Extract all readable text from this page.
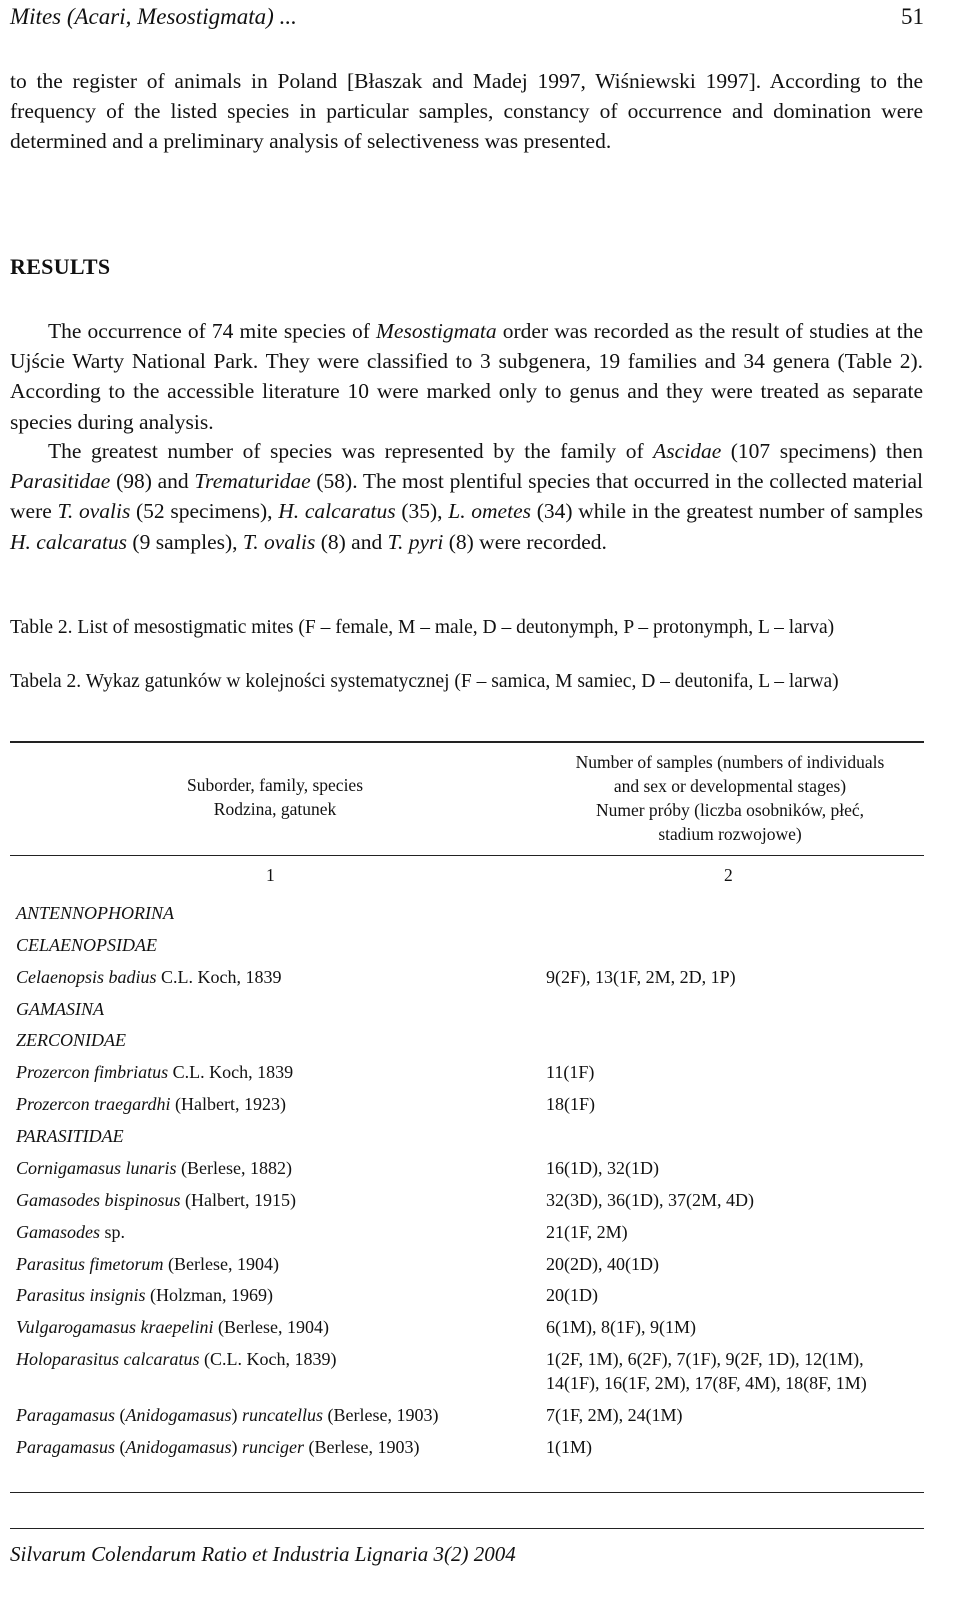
Mites (Acari, Mesostigmata) ...	51

to the register of animals in Poland [Błaszak and Madej 1997, Wiśniewski 1997]. According to the frequency of the listed species in particular samples, constancy of occurrence and domination were determined and a preliminary analysis of selectiveness was presented.

RESULTS

The occurrence of 74 mite species of Mesostigmata order was recorded as the result of studies at the Ujście Warty National Park. They were classified to 3 subgenera, 19 families and 34 genera (Table 2). According to the accessible literature 10 were marked only to genus and they were treated as separate species during analysis.

The greatest number of species was represented by the family of Ascidae (107 specimens) then Parasitidae (98) and Trematuridae (58). The most plentiful species that occurred in the collected material were T. ovalis (52 specimens), H. calcaratus (35), L. ometes (34) while in the greatest number of samples H. calcaratus (9 samples), T. ovalis (8) and T. pyri (8) were recorded.

Table 2. List of mesostigmatic mites (F – female, M – male, D – deutonymph, P – protonymph, L – larva)

Tabela 2. Wykaz gatunków w kolejności systematycznej (F – samica, M samiec, D – deutonifa, L – larwa)

Suborder, family, species
Rodzina, gatunek
Number of samples (numbers of individuals
and sex or developmental stages)
Numer próby (liczba osobników, płeć,
stadium rozwojowe)
1	2
ANTENNOPHORINA
CELAENOPSIDAE
Celaenopsis badius C.L. Koch, 1839	9(2F), 13(1F, 2M, 2D, 1P)
GAMASINA
ZERCONIDAE
Prozercon fimbriatus C.L. Koch, 1839	11(1F)
Prozercon traegardhi (Halbert, 1923)	18(1F)
PARASITIDAE
Cornigamasus lunaris (Berlese, 1882)	16(1D), 32(1D)
Gamasodes bispinosus (Halbert, 1915)	32(3D), 36(1D), 37(2M, 4D)
Gamasodes sp.	21(1F, 2M)
Parasitus fimetorum (Berlese, 1904)	20(2D), 40(1D)
Parasitus insignis (Holzman, 1969)	20(1D)
Vulgarogamasus kraepelini (Berlese, 1904)	6(1M), 8(1F), 9(1M)
Holoparasitus calcaratus (C.L. Koch, 1839)	1(2F, 1M), 6(2F), 7(1F), 9(2F, 1D), 12(1M), 14(1F), 16(1F, 2M), 17(8F, 4M), 18(8F, 1M)
Paragamasus (Anidogamasus) runcatellus (Berlese, 1903)	7(1F, 2M), 24(1M)
Paragamasus (Anidogamasus) runciger (Berlese, 1903)	1(1M)
Silvarum Colendarum Ratio et Industria Lignaria 3(2) 2004
